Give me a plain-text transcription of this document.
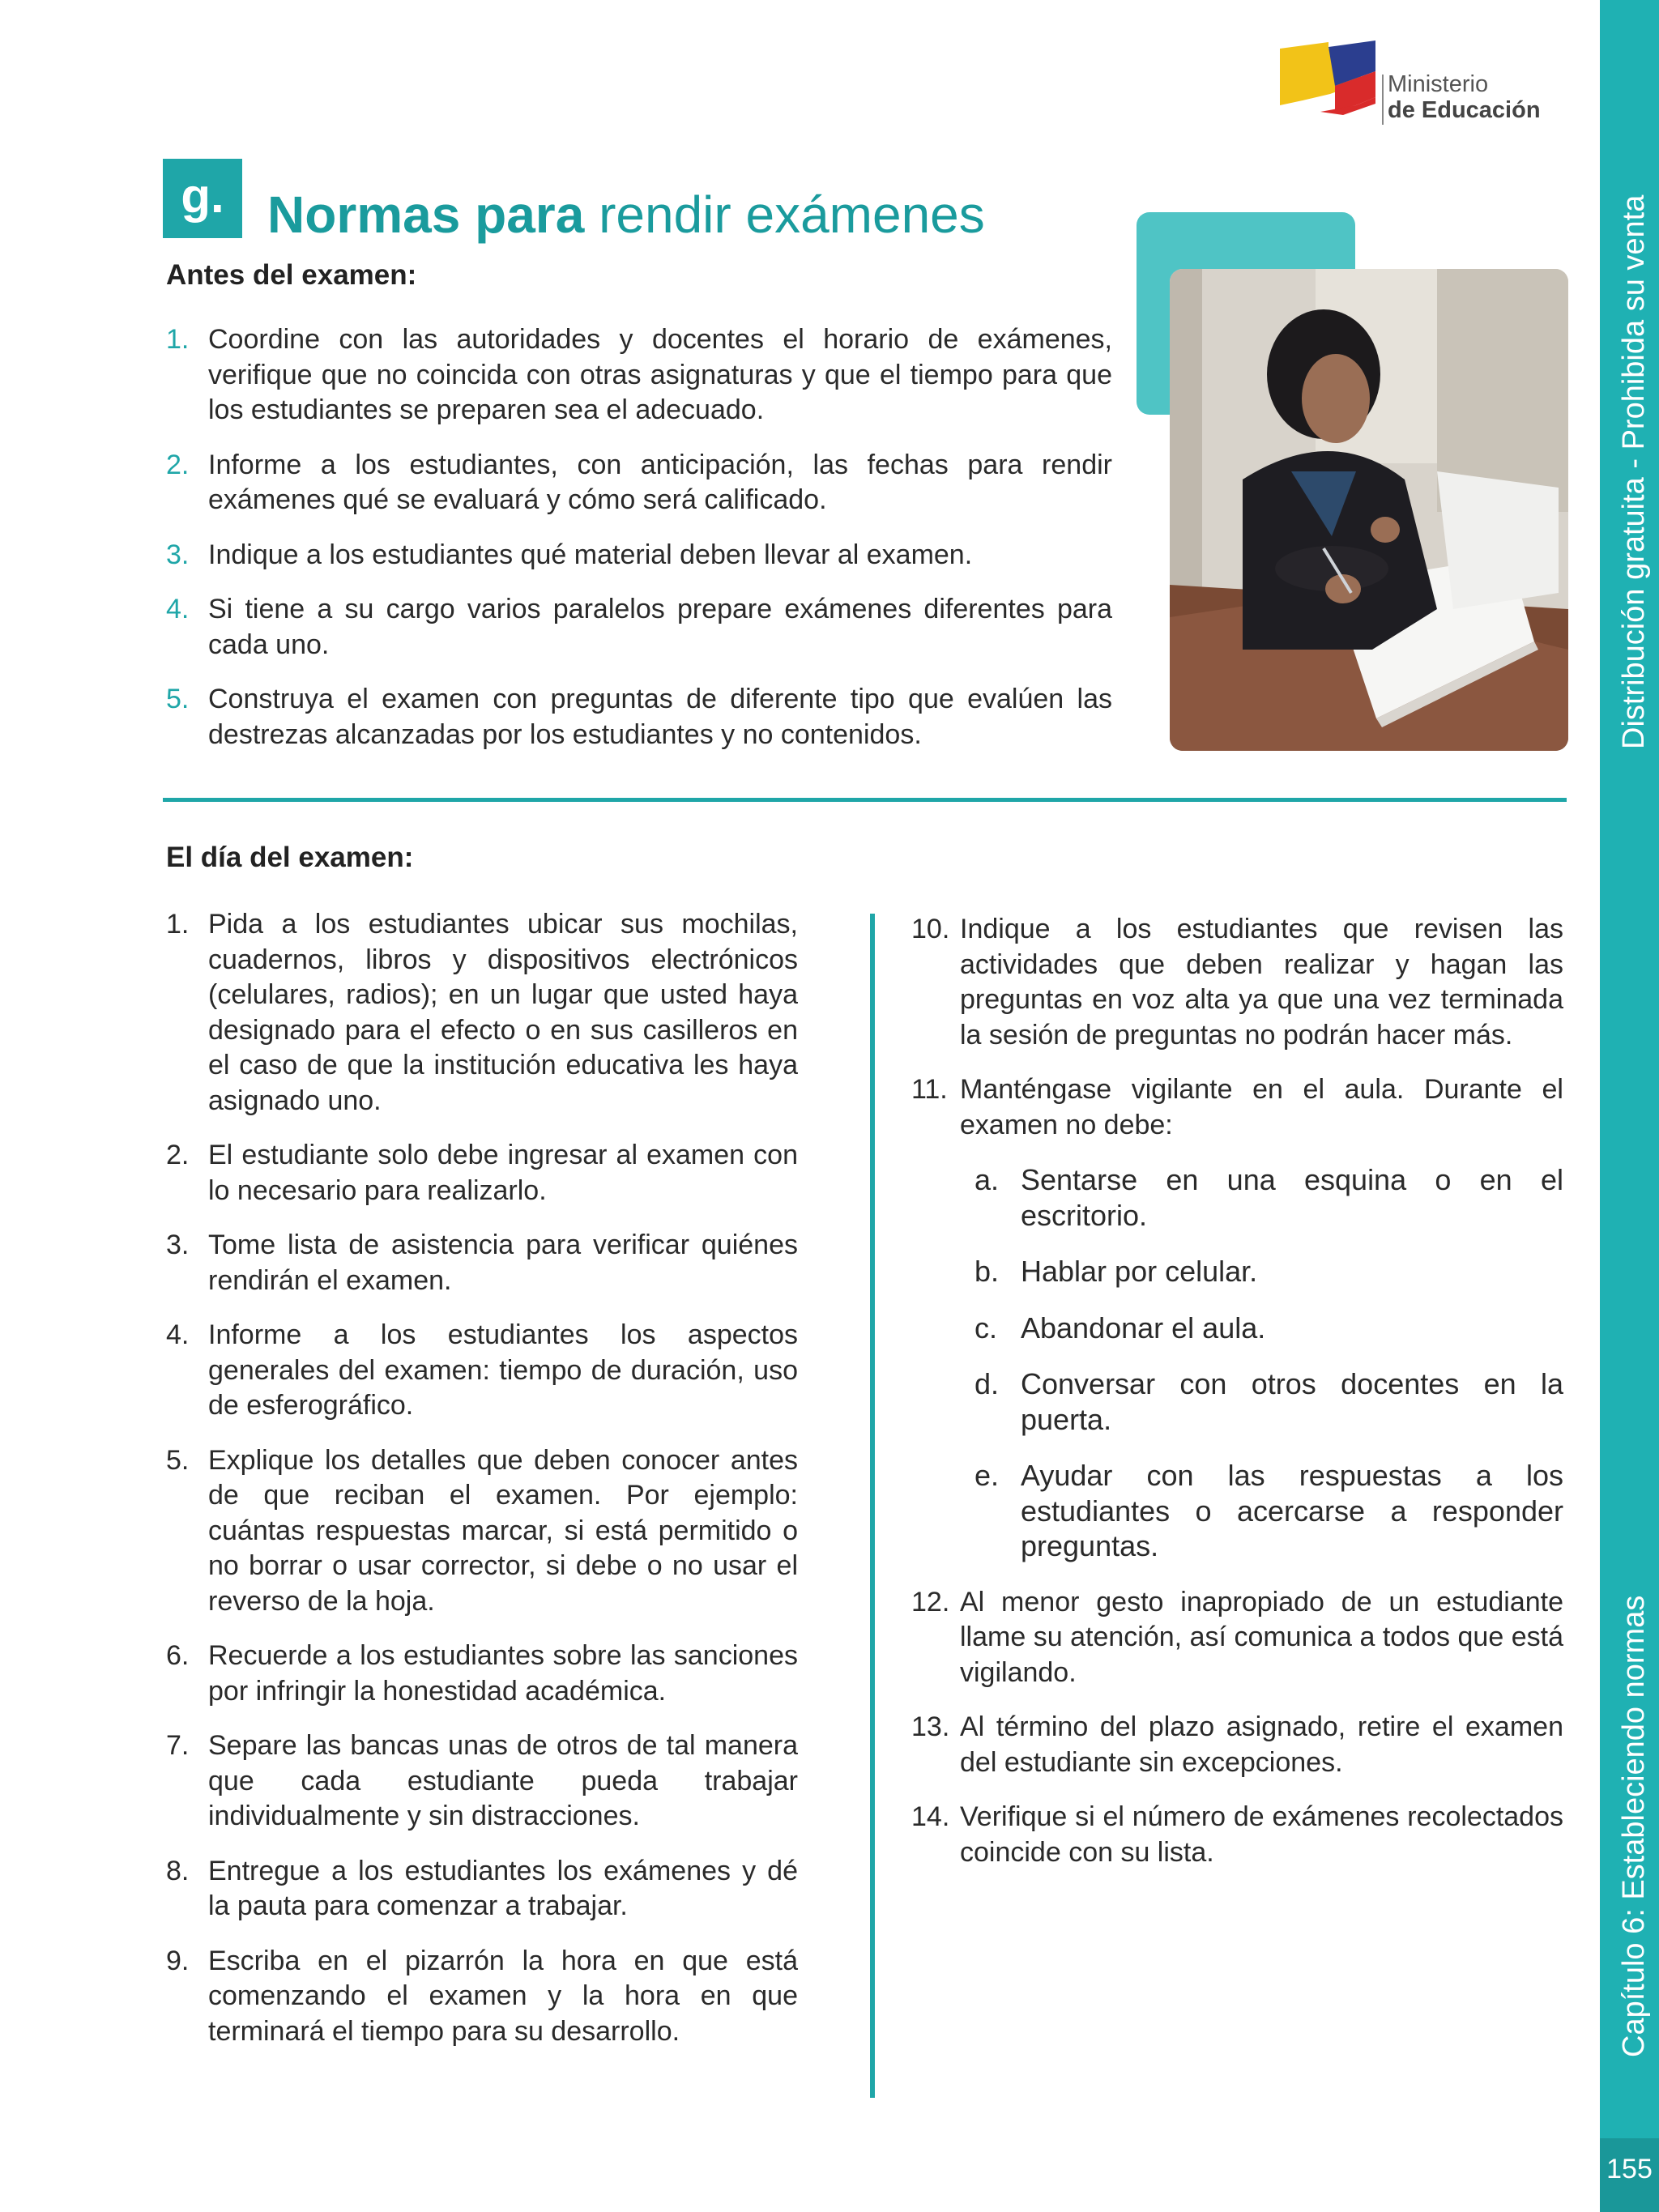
Distribución gratuita - Prohibida su venta
Capítulo 6: Estableciendo normas
155
Ministerio
de Educación
g. Normas para rendir exámenes
Antes del examen:
1. Coordine con las autoridades y docentes el horario de exámenes, verifique que no coincida con otras asignaturas y que el tiempo para que los estudiantes se preparen sea el adecuado.
2. Informe a los estudiantes, con anticipación, las fechas para rendir exámenes qué se evaluará y cómo será calificado.
3. Indique a los estudiantes qué material deben llevar al examen.
4. Si tiene a su cargo varios paralelos prepare exámenes diferentes para cada uno.
5. Construya el examen con preguntas de diferente tipo que evalúen las destrezas alcanzadas por los estudiantes y no contenidos.
El día del examen:
1. Pida a los estudiantes ubicar sus mochilas, cuadernos, libros y dispositivos electrónicos (celulares, radios); en un lugar que usted haya designado para el efecto o en sus casilleros en el caso de que la institución educativa les haya asignado uno.
2. El estudiante solo debe ingresar al examen con lo necesario para realizarlo.
3. Tome lista de asistencia para verificar quiénes rendirán el examen.
4. Informe a los estudiantes los aspectos generales del examen: tiempo de duración, uso de esferográfico.
5. Explique los detalles que deben conocer antes de que reciban el examen. Por ejemplo: cuántas respuestas marcar, si está permitido o no borrar o usar corrector, si debe o no usar el reverso de la hoja.
6. Recuerde a los estudiantes sobre las sanciones por infringir la honestidad académica.
7. Separe las bancas unas de otros de tal manera que cada estudiante pueda trabajar individualmente y sin distracciones.
8. Entregue a los estudiantes los exámenes y dé la pauta para comenzar a trabajar.
9. Escriba en el pizarrón la hora en que está comenzando el examen y la hora en que terminará el tiempo para su desarrollo.
10. Indique a los estudiantes que revisen las actividades que deben realizar y hagan las preguntas en voz alta ya que una vez terminada la sesión de preguntas no podrán hacer más.
11. Manténgase vigilante en el aula. Durante el examen no debe:
a. Sentarse en una esquina o en el escritorio.
b. Hablar por celular.
c. Abandonar el aula.
d. Conversar con otros docentes en la puerta.
e. Ayudar con las respuestas a los estudiantes o acercarse a responder preguntas.
12. Al menor gesto inapropiado de un estudiante llame su atención, así comunica a todos que está vigilando.
13. Al término del plazo asignado, retire el examen del estudiante sin excepciones.
14. Verifique si el número de exámenes recolectados coincide con su lista.
